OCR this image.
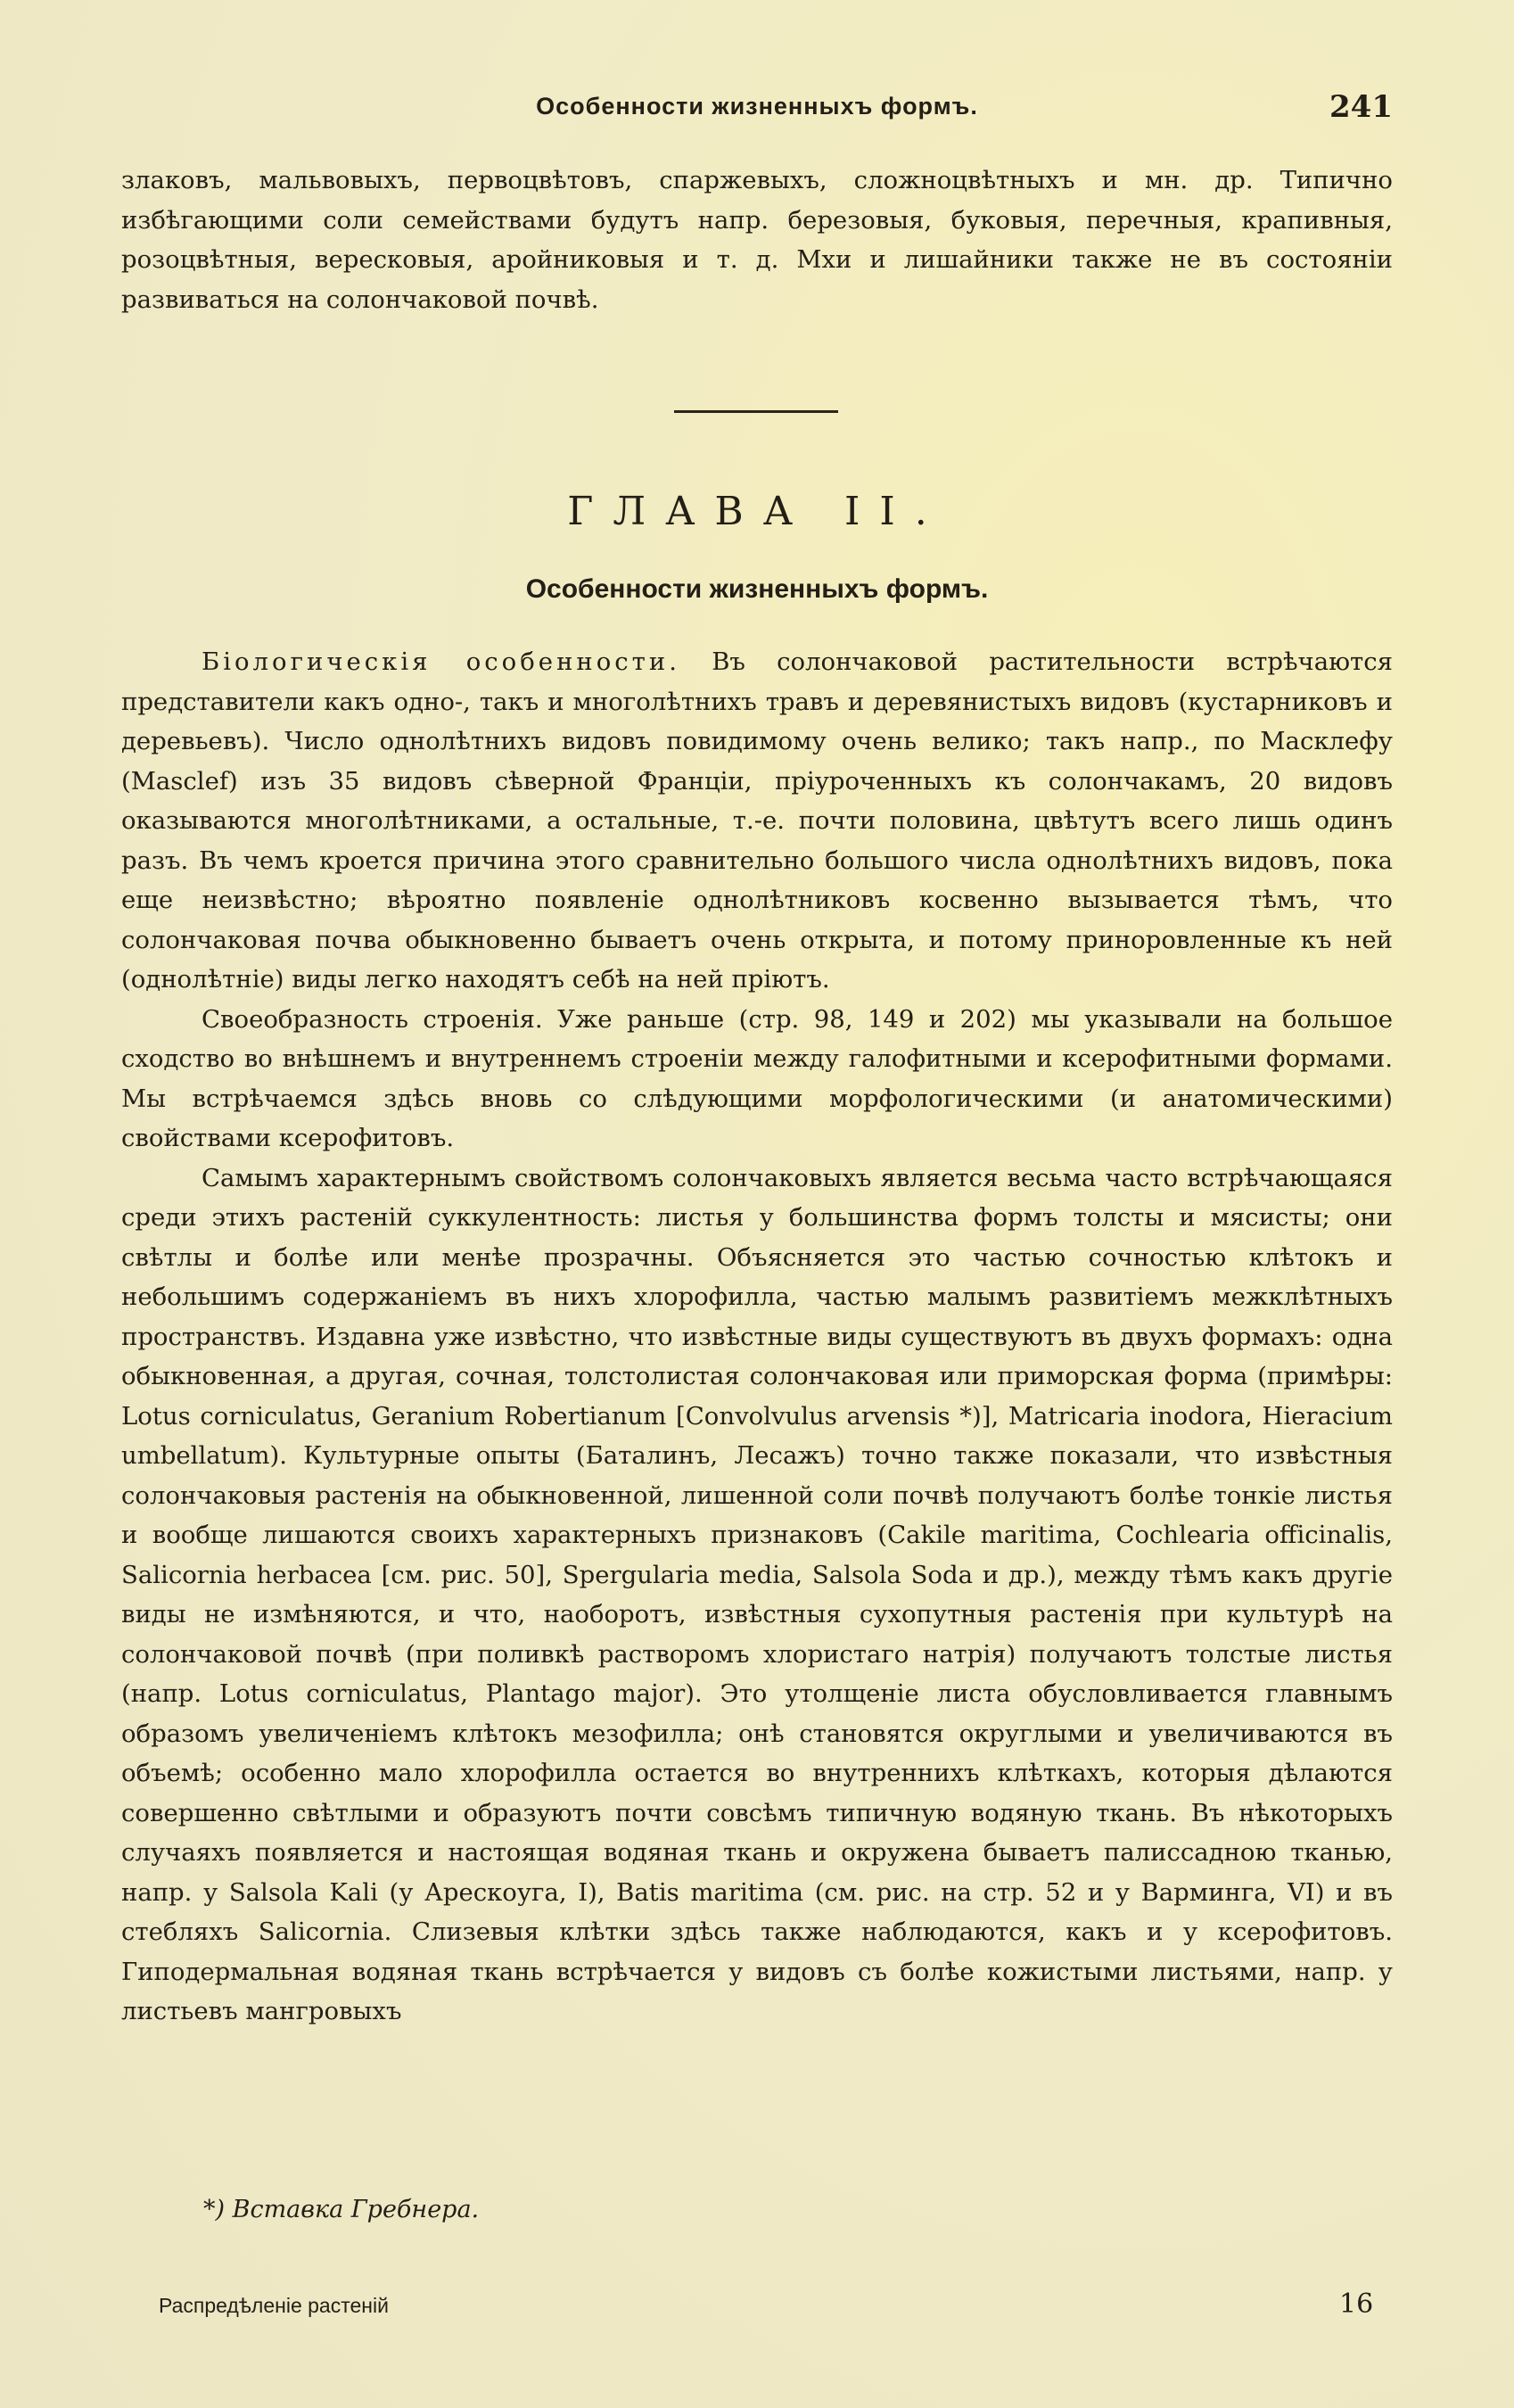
Особенности жизненныхъ формъ.	241

злаковъ, мальвовыхъ, первоцвѣтовъ, спаржевыхъ, сложноцвѣтныхъ и мн. др. Типично избѣгающими соли семействами будутъ напр. березовыя, буковыя, перечныя, крапивныя, розоцвѣтныя, вересковыя, аройниковыя и т. д. Мхи и лишайники также не въ состояніи развиваться на солончаковой почвѣ.

ГЛАВА II.
Особенности жизненныхъ формъ.

Біологическія особенности. Въ солончаковой растительности встрѣчаются представители какъ одно-, такъ и многолѣтнихъ травъ и деревянистыхъ видовъ (кустарниковъ и деревьевъ). Число однолѣтнихъ видовъ повидимому очень велико; такъ напр., по Масклефу (Masclef) изъ 35 видовъ сѣверной Франціи, пріуроченныхъ къ солончакамъ, 20 видовъ оказываются многолѣтниками, а остальные, т.-е. почти половина, цвѣтутъ всего лишь одинъ разъ. Въ чемъ кроется причина этого сравнительно большого числа однолѣтнихъ видовъ, пока еще неизвѣстно; вѣроятно появленіе однолѣтниковъ косвенно вызывается тѣмъ, что солончаковая почва обыкновенно бываетъ очень открыта, и потому приноровленные къ ней (однолѣтніе) виды легко находятъ себѣ на ней пріютъ.

Своеобразность строенія. Уже раньше (стр. 98, 149 и 202) мы указывали на большое сходство во внѣшнемъ и внутреннемъ строеніи между галофитными и ксерофитными формами. Мы встрѣчаемся здѣсь вновь со слѣдующими морфологическими (и анатомическими) свойствами ксерофитовъ.

Самымъ характернымъ свойствомъ солончаковыхъ является весьма часто встрѣчающаяся среди этихъ растеній суккулентность: листья у большинства формъ толсты и мясисты; они свѣтлы и болѣе или менѣе прозрачны. Объясняется это частью сочностью клѣтокъ и небольшимъ содержаніемъ въ нихъ хлорофилла, частью малымъ развитіемъ межклѣтныхъ пространствъ. Издавна уже извѣстно, что извѣстные виды существуютъ въ двухъ формахъ: одна обыкновенная, а другая, сочная, толстолистая солончаковая или приморская форма (примѣры: Lotus corniculatus, Geranium Robertianum [Convolvulus arvensis *)], Matricaria inodora, Hieracium umbellatum). Культурные опыты (Баталинъ, Лесажъ) точно также показали, что извѣстныя солончаковыя растенія на обыкновенной, лишенной соли почвѣ получаютъ болѣе тонкіе листья и вообще лишаются своихъ характерныхъ признаковъ (Cakile maritima, Cochlearia officinalis, Salicornia herbacea [см. рис. 50], Spergularia media, Salsola Soda и др.), между тѣмъ какъ другіе виды не измѣняются, и что, наоборотъ, извѣстныя сухопутныя растенія при культурѣ на солончаковой почвѣ (при поливкѣ растворомъ хлористаго натрія) получаютъ толстые листья (напр. Lotus corniculatus, Plantago major). Это утолщеніе листа обусловливается главнымъ образомъ увеличеніемъ клѣтокъ мезофилла; онѣ становятся округлыми и увеличиваются въ объемѣ; особенно мало хлорофилла остается во внутреннихъ клѣткахъ, которыя дѣлаются совершенно свѣтлыми и образуютъ почти совсѣмъ типичную водяную ткань. Въ нѣкоторыхъ случаяхъ появляется и настоящая водяная ткань и окружена бываетъ палиссадною тканью, напр. у Salsola Kali (у Арескоуга, I), Batis maritima (см. рис. на стр. 52 и у Варминга, VI) и въ стебляхъ Salicornia. Слизевыя клѣтки здѣсь также наблюдаются, какъ и у ксерофитовъ. Гиподермальная водяная ткань встрѣчается у видовъ съ болѣе кожистыми листьями, напр. у листьевъ мангровыхъ

*) Вставка Гребнера.
Распредѣленіе растеній	16
